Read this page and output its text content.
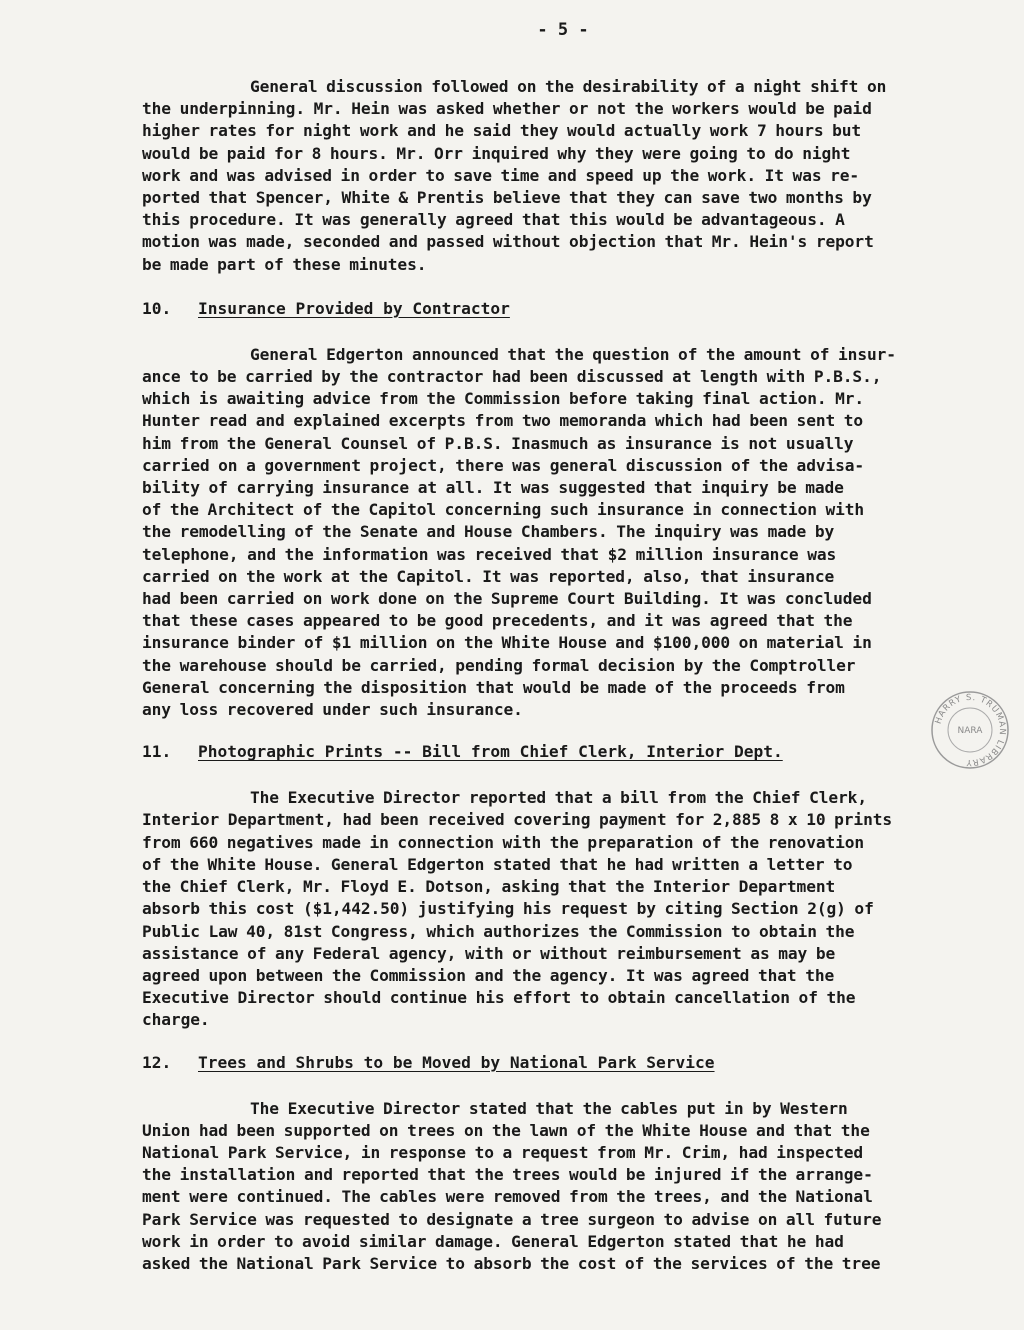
- 5 -

General discussion followed on the desirability of a night shift on
the underpinning. Mr. Hein was asked whether or not the workers would be paid
higher rates for night work and he said they would actually work 7 hours but
would be paid for 8 hours. Mr. Orr inquired why they were going to do night
work and was advised in order to save time and speed up the work. It was re-
ported that Spencer, White & Prentis believe that they can save two months by
this procedure. It was generally agreed that this would be advantageous. A
motion was made, seconded and passed without objection that Mr. Hein's report
be made part of these minutes.

10.	Insurance Provided by Contractor

General Edgerton announced that the question of the amount of insur-
ance to be carried by the contractor had been discussed at length with P.B.S.,
which is awaiting advice from the Commission before taking final action. Mr.
Hunter read and explained excerpts from two memoranda which had been sent to
him from the General Counsel of P.B.S. Inasmuch as insurance is not usually
carried on a government project, there was general discussion of the advisa-
bility of carrying insurance at all. It was suggested that inquiry be made
of the Architect of the Capitol concerning such insurance in connection with
the remodelling of the Senate and House Chambers. The inquiry was made by
telephone, and the information was received that $2 million insurance was
carried on the work at the Capitol. It was reported, also, that insurance
had been carried on work done on the Supreme Court Building. It was concluded
that these cases appeared to be good precedents, and it was agreed that the
insurance binder of $1 million on the White House and $100,000 on material in
the warehouse should be carried, pending formal decision by the Comptroller
General concerning the disposition that would be made of the proceeds from
any loss recovered under such insurance.

11.	Photographic Prints -- Bill from Chief Clerk, Interior Dept.

The Executive Director reported that a bill from the Chief Clerk,
Interior Department, had been received covering payment for 2,885 8 x 10 prints
from 660 negatives made in connection with the preparation of the renovation
of the White House. General Edgerton stated that he had written a letter to
the Chief Clerk, Mr. Floyd E. Dotson, asking that the Interior Department
absorb this cost ($1,442.50) justifying his request by citing Section 2(g) of
Public Law 40, 81st Congress, which authorizes the Commission to obtain the
assistance of any Federal agency, with or without reimbursement as may be
agreed upon between the Commission and the agency. It was agreed that the
Executive Director should continue his effort to obtain cancellation of the
charge.

12.	Trees and Shrubs to be Moved by National Park Service

The Executive Director stated that the cables put in by Western
Union had been supported on trees on the lawn of the White House and that the
National Park Service, in response to a request from Mr. Crim, had inspected
the installation and reported that the trees would be injured if the arrange-
ment were continued. The cables were removed from the trees, and the National
Park Service was requested to designate a tree surgeon to advise on all future
work in order to avoid similar damage. General Edgerton stated that he had
asked the National Park Service to absorb the cost of the services of the tree

HARRY S. TRUMAN LIBRARY
NARA
